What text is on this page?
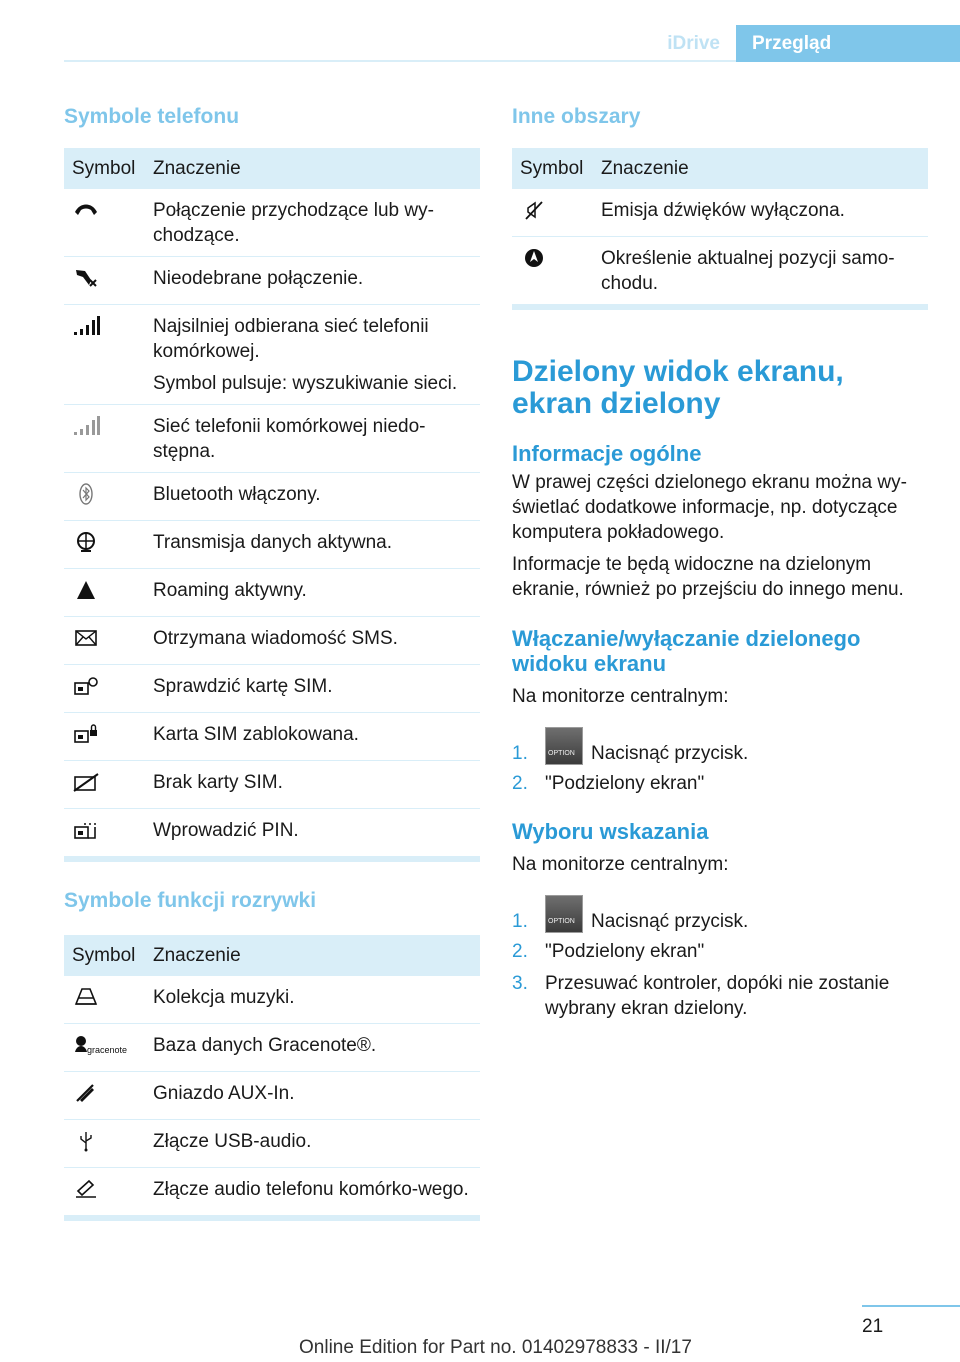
iDrive	Przegląd
Symbole telefonu
Symbol	Znaczenie

	Połączenie przychodzące lub wy-chodzące.

	Nieodebrane połączenie.

Najsilniej odbierana sieć telefonii komórkowej.
Symbol pulsuje: wyszukiwanie sieci.

	Sieć telefonii komórkowej niedo-stępna.

	Bluetooth włączony.

	Transmisja danych aktywna.

	Roaming aktywny.

	Otrzymana wiadomość SMS.

	Sprawdzić kartę SIM.

	Karta SIM zablokowana.

	Brak karty SIM.

	Wprowadzić PIN.
Symbole funkcji rozrywki
Symbol	Znaczenie

	Kolekcja muzyki.

gracenote	Baza danych Gracenote®.

	Gniazdo AUX-In.

	Złącze USB-audio.

	Złącze audio telefonu komórko-wego.
Inne obszary
Symbol	Znaczenie

	Emisja dźwięków wyłączona.

	Określenie aktualnej pozycji samo-chodu.
Dzielony widok ekranu, ekran dzielony
Informacje ogólne

W prawej części dzielonego ekranu można wy-świetlać dodatkowe informacje, np. dotyczące komputera pokładowego.

Informacje te będą widoczne na dzielonym ekranie, również po przejściu do innego menu.

Włączanie/wyłączanie dzielonego widoku ekranu

Na monitorze centralnym:

1.	OPTION Nacisnąć przycisk.
2. "Podzielony ekran"
Wyboru wskazania

Na monitorze centralnym:

1.	OPTION Nacisnąć przycisk.
2. "Podzielony ekran"
3. Przesuwać kontroler, dopóki nie zostanie wybrany ekran dzielony.
21
Online Edition for Part no. 01402978833 - II/17
